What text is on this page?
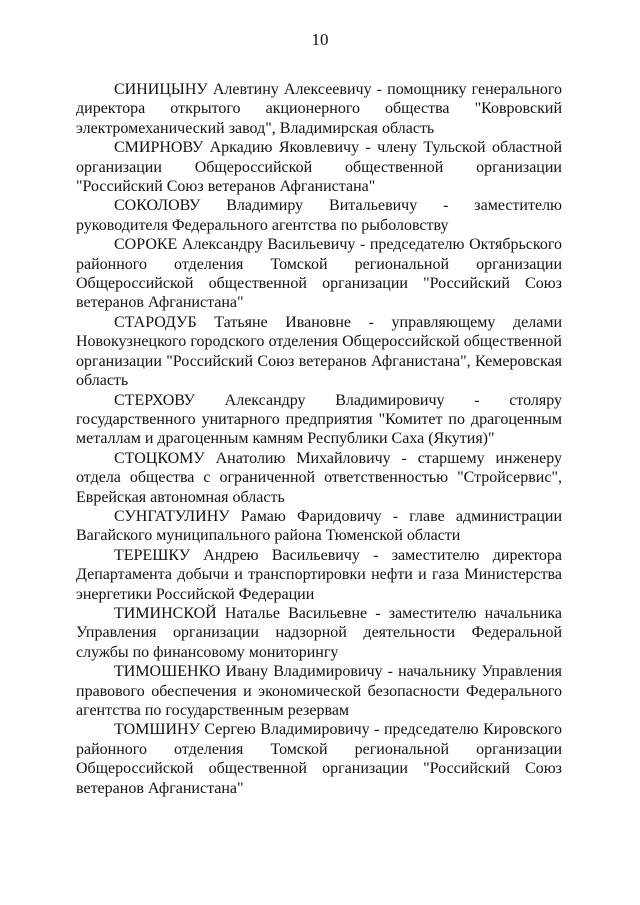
10

СИНИЦЫНУ Алевтину Алексеевичу - помощнику генерального директора открытого акционерного общества "Ковровский электромеханический завод", Владимирская область

СМИРНОВУ Аркадию Яковлевичу - члену Тульской областной организации Общероссийской общественной организации "Российский Союз ветеранов Афганистана"

СОКОЛОВУ Владимиру Витальевичу - заместителю руководителя Федерального агентства по рыболовству

СОРОКЕ Александру Васильевичу - председателю Октябрьского районного отделения Томской региональной организации Общероссийской общественной организации "Российский Союз ветеранов Афганистана"

СТАРОДУБ Татьяне Ивановне - управляющему делами Новокузнецкого городского отделения Общероссийской общественной организации "Российский Союз ветеранов Афганистана", Кемеровская область

СТЕРХОВУ Александру Владимировичу - столяру государственного унитарного предприятия "Комитет по драгоценным металлам и драгоценным камням Республики Саха (Якутия)"

СТОЦКОМУ Анатолию Михайловичу - старшему инженеру отдела общества с ограниченной ответственностью "Стройсервис", Еврейская автономная область

СУНГАТУЛИНУ Рамаю Фаридовичу - главе администрации Вагайского муниципального района Тюменской области

ТЕРЕШКУ Андрею Васильевичу - заместителю директора Департамента добычи и транспортировки нефти и газа Министерства энергетики Российской Федерации

ТИМИНСКОЙ Наталье Васильевне - заместителю начальника Управления организации надзорной деятельности Федеральной службы по финансовому мониторингу

ТИМОШЕНКО Ивану Владимировичу - начальнику Управления правового обеспечения и экономической безопасности Федерального агентства по государственным резервам

ТОМШИНУ Сергею Владимировичу - председателю Кировского районного отделения Томской региональной организации Общероссийской общественной организации "Российский Союз ветеранов Афганистана"
